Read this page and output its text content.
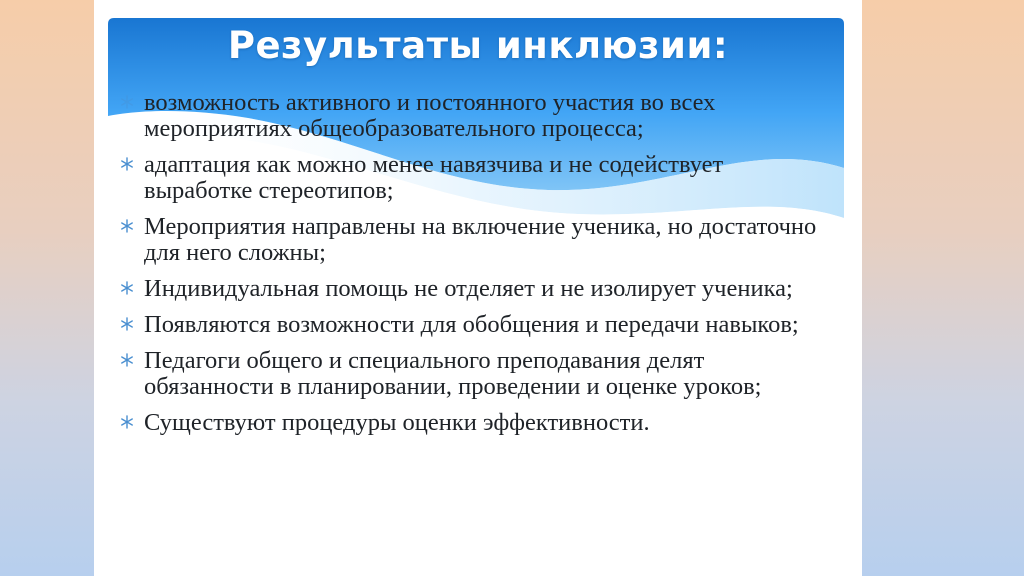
Результаты инклюзии:
возможность активного и постоянного участия во всех мероприятиях общеобразовательного процесса;
адаптация как можно менее навязчива и не содействует выработке стереотипов;
Мероприятия направлены на включение ученика, но достаточно для него сложны;
Индивидуальная помощь не отделяет и не изолирует ученика;
Появляются возможности для обобщения и передачи навыков;
Педагоги общего и специального преподавания делят обязанности в планировании, проведении и оценке уроков;
Существуют процедуры оценки эффективности.
